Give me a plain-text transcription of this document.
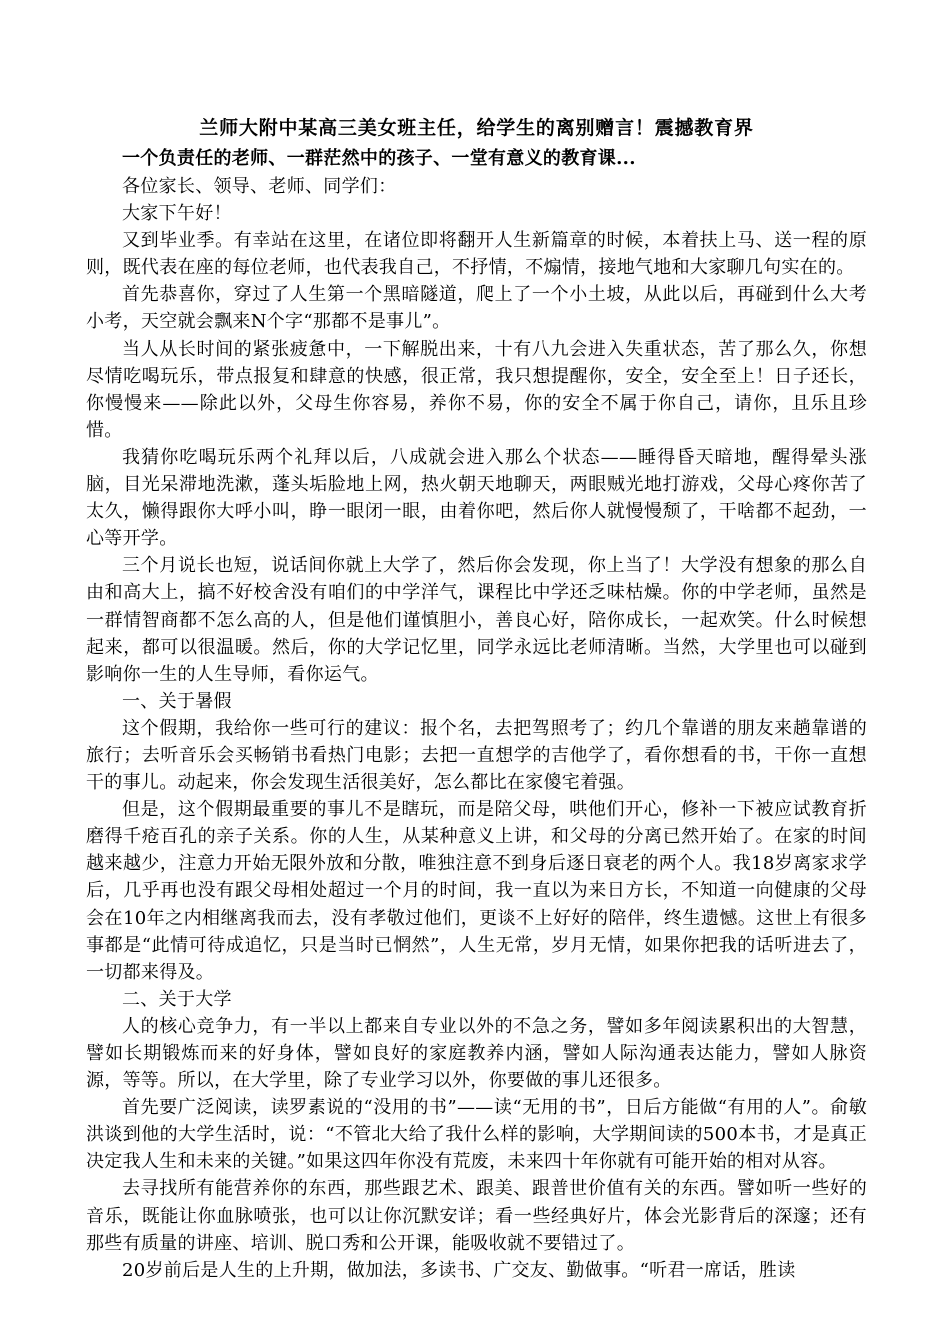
兰师大附中某高三美女班主任，给学生的离别赠言！震撼教育界

一个负责任的老师、一群茫然中的孩子、一堂有意义的教育课...

各位家长、领导、老师、同学们：

大家下午好！

又到毕业季。有幸站在这里，在诸位即将翻开人生新篇章的时候，本着扶上马、送一程的原则，既代表在座的每位老师，也代表我自己，不抒情，不煽情，接地气地和大家聊几句实在的。

首先恭喜你，穿过了人生第一个黑暗隧道，爬上了一个小土坡，从此以后，再碰到什么大考小考，天空就会飘来N个字“那都不是事儿”。

当人从长时间的紧张疲惫中，一下解脱出来，十有八九会进入失重状态，苦了那么久，你想尽情吃喝玩乐，带点报复和肆意的快感，很正常，我只想提醒你，安全，安全至上！日子还长，你慢慢来——除此以外，父母生你容易，养你不易，你的安全不属于你自己，请你，且乐且珍惜。

我猜你吃喝玩乐两个礼拜以后，八成就会进入那么个状态——睡得昏天暗地，醒得晕头涨脑，目光呆滞地洗漱，蓬头垢脸地上网，热火朝天地聊天，两眼贼光地打游戏，父母心疼你苦了太久，懒得跟你大呼小叫，睁一眼闭一眼，由着你吧，然后你人就慢慢颓了，干啥都不起劲，一心等开学。

三个月说长也短，说话间你就上大学了，然后你会发现，你上当了！大学没有想象的那么自由和高大上，搞不好校舍没有咱们的中学洋气，课程比中学还乏味枯燥。你的中学老师，虽然是一群情智商都不怎么高的人，但是他们谨慎胆小，善良心好，陪你成长，一起欢笑。什么时候想起来，都可以很温暖。然后，你的大学记忆里，同学永远比老师清晰。当然，大学里也可以碰到影响你一生的人生导师，看你运气。

一、关于暑假

这个假期，我给你一些可行的建议：报个名，去把驾照考了；约几个靠谱的朋友来趟靠谱的旅行；去听音乐会买畅销书看热门电影；去把一直想学的吉他学了，看你想看的书，干你一直想干的事儿。动起来，你会发现生活很美好，怎么都比在家傻宅着强。

但是，这个假期最重要的事儿不是瞎玩，而是陪父母，哄他们开心，修补一下被应试教育折磨得千疮百孔的亲子关系。你的人生，从某种意义上讲，和父母的分离已然开始了。在家的时间越来越少，注意力开始无限外放和分散，唯独注意不到身后逐日衰老的两个人。我18岁离家求学后，几乎再也没有跟父母相处超过一个月的时间，我一直以为来日方长，不知道一向健康的父母会在10年之内相继离我而去，没有孝敬过他们，更谈不上好好的陪伴，终生遗憾。这世上有很多事都是“此情可待成追忆，只是当时已惘然”，人生无常，岁月无情，如果你把我的话听进去了，一切都来得及。

二、关于大学

人的核心竞争力，有一半以上都来自专业以外的不急之务，譬如多年阅读累积出的大智慧，譬如长期锻炼而来的好身体，譬如良好的家庭教养内涵，譬如人际沟通表达能力，譬如人脉资源，等等。所以，在大学里，除了专业学习以外，你要做的事儿还很多。

首先要广泛阅读，读罗素说的“没用的书”——读“无用的书”，日后方能做“有用的人”。俞敏洪谈到他的大学生活时，说：“不管北大给了我什么样的影响，大学期间读的500本书，才是真正决定我人生和未来的关键。”如果这四年你没有荒废，未来四十年你就有可能开始的相对从容。

去寻找所有能营养你的东西，那些跟艺术、跟美、跟普世价值有关的东西。譬如听一些好的音乐，既能让你血脉喷张，也可以让你沉默安详；看一些经典好片，体会光影背后的深邃；还有那些有质量的讲座、培训、脱口秀和公开课，能吸收就不要错过了。

20岁前后是人生的上升期，做加法，多读书、广交友、勤做事。“听君一席话，胜读
